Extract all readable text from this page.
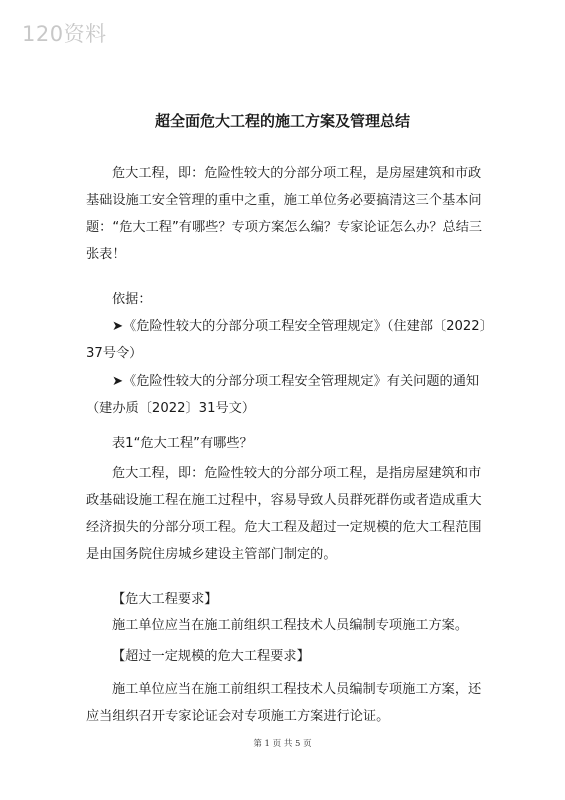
120资料
超全面危大工程的施工方案及管理总结

危大工程，即：危险性较大的分部分项工程，是房屋建筑和市政基础设施工安全管理的重中之重，施工单位务必要搞清这三个基本问题：“危大工程”有哪些？专项方案怎么编？专家论证怎么办？总结三张表！

依据：

➤《危险性较大的分部分项工程安全管理规定》（住建部〔2022〕37号令）

➤《危险性较大的分部分项工程安全管理规定》有关问题的通知（建办质〔2022〕31号文）

表1“危大工程”有哪些？

危大工程，即：危险性较大的分部分项工程，是指房屋建筑和市政基础设施工程在施工过程中，容易导致人员群死群伤或者造成重大经济损失的分部分项工程。危大工程及超过一定规模的危大工程范围是由国务院住房城乡建设主管部门制定的。

【危大工程要求】

施工单位应当在施工前组织工程技术人员编制专项施工方案。

【超过一定规模的危大工程要求】

施工单位应当在施工前组织工程技术人员编制专项施工方案，还应当组织召开专家论证会对专项施工方案进行论证。

第 1 页 共 5 页
